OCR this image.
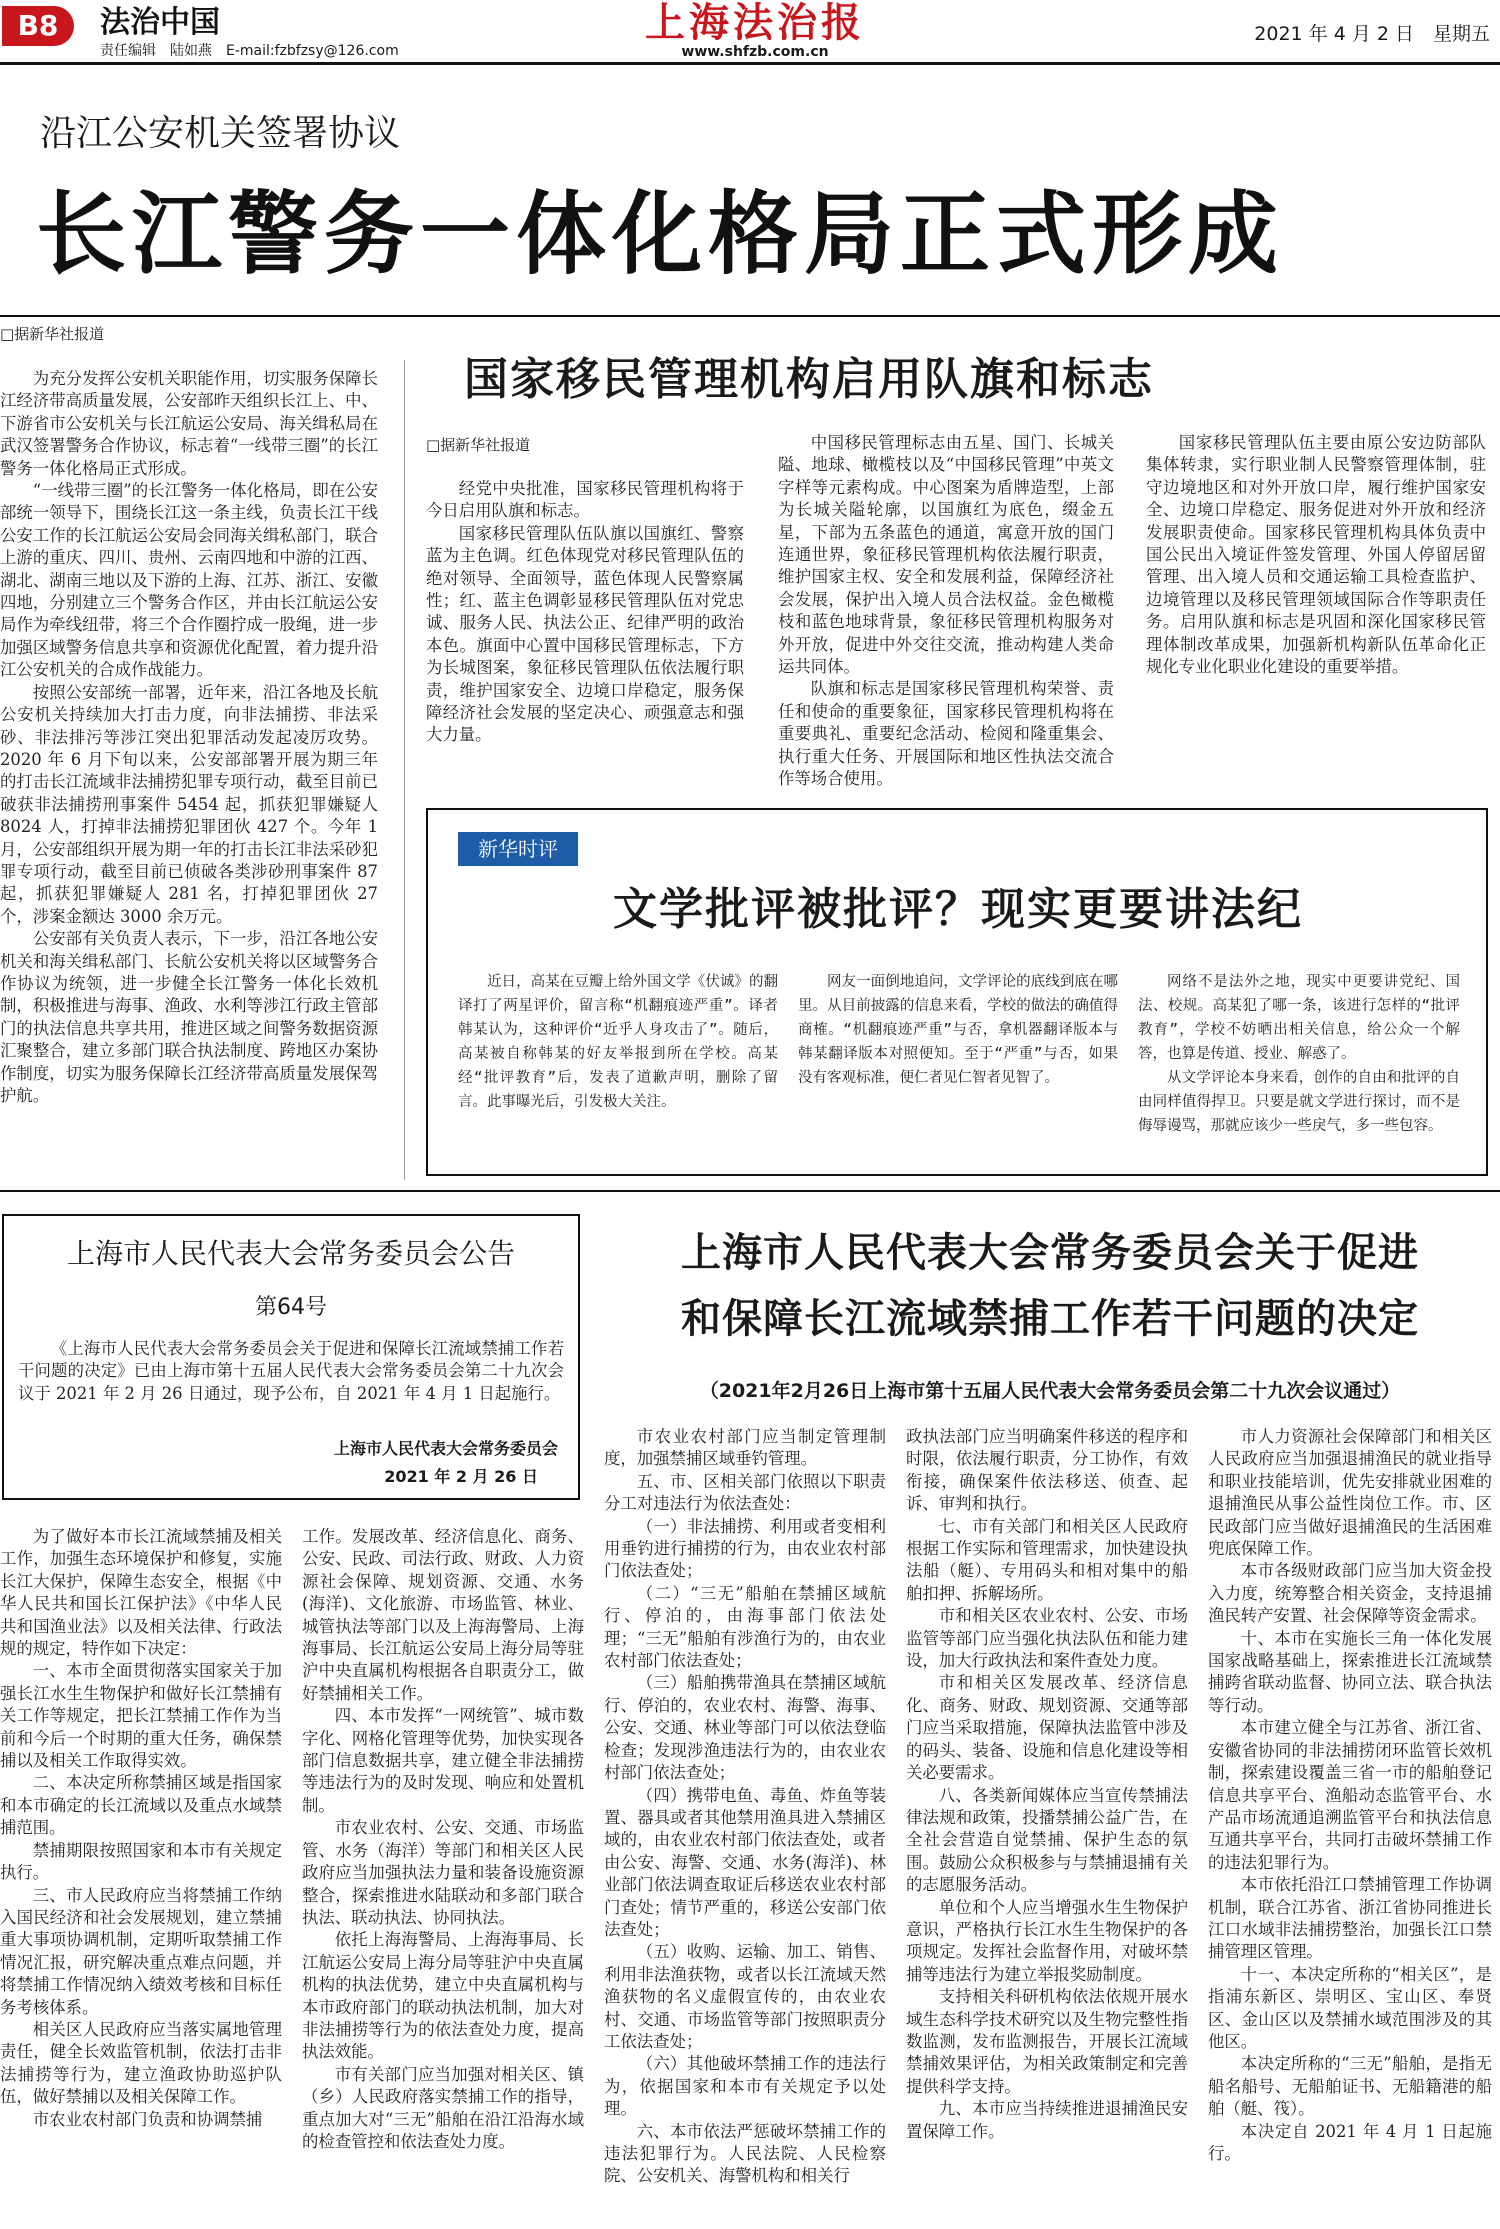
B8	法治中国
责任编辑　陆如燕　E-mail:fzbfzsy@126.com
上海法治报
www.shfzb.com.cn
2021 年 4 月 2 日　星期五
沿江公安机关签署协议
长江警务一体化格局正式形成
□据新华社报道

为充分发挥公安机关职能作用，切实服务保障长江经济带高质量发展，公安部昨天组织长江上、中、下游省市公安机关与长江航运公安局、海关缉私局在武汉签署警务合作协议，标志着“一线带三圈”的长江警务一体化格局正式形成。

“一线带三圈”的长江警务一体化格局，即在公安部统一领导下，围绕长江这一条主线，负责长江干线公安工作的长江航运公安局会同海关缉私部门，联合上游的重庆、四川、贵州、云南四地和中游的江西、湖北、湖南三地以及下游的上海、江苏、浙江、安徽四地，分别建立三个警务合作区，并由长江航运公安局作为牵线纽带，将三个合作圈拧成一股绳，进一步加强区域警务信息共享和资源优化配置，着力提升沿江公安机关的合成作战能力。

按照公安部统一部署，近年来，沿江各地及长航公安机关持续加大打击力度，向非法捕捞、非法采砂、非法排污等涉江突出犯罪活动发起凌厉攻势。2020 年 6 月下旬以来，公安部部署开展为期三年的打击长江流域非法捕捞犯罪专项行动，截至目前已破获非法捕捞刑事案件 5454 起，抓获犯罪嫌疑人 8024 人，打掉非法捕捞犯罪团伙 427 个。今年 1 月，公安部组织开展为期一年的打击长江非法采砂犯罪专项行动，截至目前已侦破各类涉砂刑事案件 87 起，抓获犯罪嫌疑人 281 名，打掉犯罪团伙 27 个，涉案金额达 3000 余万元。

公安部有关负责人表示，下一步，沿江各地公安机关和海关缉私部门、长航公安机关将以区域警务合作协议为统领，进一步健全长江警务一体化长效机制，积极推进与海事、渔政、水利等涉江行政主管部门的执法信息共享共用，推进区域之间警务数据资源汇聚整合，建立多部门联合执法制度、跨地区办案协作制度，切实为服务保障长江经济带高质量发展保驾护航。

国家移民管理机构启用队旗和标志
□据新华社报道

经党中央批准，国家移民管理机构将于今日启用队旗和标志。

国家移民管理队伍队旗以国旗红、警察蓝为主色调。红色体现党对移民管理队伍的绝对领导、全面领导，蓝色体现人民警察属性；红、蓝主色调彰显移民管理队伍对党忠诚、服务人民、执法公正、纪律严明的政治本色。旗面中心置中国移民管理标志，下方为长城图案，象征移民管理队伍依法履行职责，维护国家安全、边境口岸稳定，服务保障经济社会发展的坚定决心、顽强意志和强大力量。

中国移民管理标志由五星、国门、长城关隘、地球、橄榄枝以及“中国移民管理”中英文字样等元素构成。中心图案为盾牌造型，上部为长城关隘轮廓，以国旗红为底色，缀金五星，下部为五条蓝色的通道，寓意开放的国门连通世界，象征移民管理机构依法履行职责，维护国家主权、安全和发展利益，保障经济社会发展，保护出入境人员合法权益。金色橄榄枝和蓝色地球背景，象征移民管理机构服务对外开放，促进中外交往交流，推动构建人类命运共同体。

队旗和标志是国家移民管理机构荣誉、责任和使命的重要象征，国家移民管理机构将在重要典礼、重要纪念活动、检阅和隆重集会、执行重大任务、开展国际和地区性执法交流合作等场合使用。

国家移民管理队伍主要由原公安边防部队集体转隶，实行职业制人民警察管理体制，驻守边境地区和对外开放口岸，履行维护国家安全、边境口岸稳定、服务促进对外开放和经济发展职责使命。国家移民管理机构具体负责中国公民出入境证件签发管理、外国人停留居留管理、出入境人员和交通运输工具检查监护、边境管理以及移民管理领域国际合作等职责任务。启用队旗和标志是巩固和深化国家移民管理体制改革成果，加强新机构新队伍革命化正规化专业化职业化建设的重要举措。

新华时评
文学批评被批评？现实更要讲法纪

近日，高某在豆瓣上给外国文学《伏诚》的翻译打了两星评价，留言称“机翻痕迹严重”。译者韩某认为，这种评价“近乎人身攻击了”。随后，高某被自称韩某的好友举报到所在学校。高某经“批评教育”后，发表了道歉声明，删除了留言。此事曝光后，引发极大关注。

网友一面倒地追问，文学评论的底线到底在哪里。从目前披露的信息来看，学校的做法的确值得商榷。“机翻痕迹严重”与否，拿机器翻译版本与韩某翻译版本对照便知。至于“严重”与否，如果没有客观标准，便仁者见仁智者见智了。

网络不是法外之地，现实中更要讲党纪、国法、校规。高某犯了哪一条，该进行怎样的“批评教育”，学校不妨晒出相关信息，给公众一个解答，也算是传道、授业、解惑了。

从文学评论本身来看，创作的自由和批评的自由同样值得捍卫。只要是就文学进行探讨，而不是侮辱谩骂，那就应该少一些戾气，多一些包容。

上海市人民代表大会常务委员会公告
第64号

《上海市人民代表大会常务委员会关于促进和保障长江流域禁捕工作若干问题的决定》已由上海市第十五届人民代表大会常务委员会第二十九次会议于 2021 年 2 月 26 日通过，现予公布，自 2021 年 4 月 1 日起施行。

上海市人民代表大会常务委员会
2021 年 2 月 26 日
上海市人民代表大会常务委员会关于促进
和保障长江流域禁捕工作若干问题的决定
（2021年2月26日上海市第十五届人民代表大会常务委员会第二十九次会议通过）

为了做好本市长江流域禁捕及相关工作，加强生态环境保护和修复，实施长江大保护，保障生态安全，根据《中华人民共和国长江保护法》《中华人民共和国渔业法》以及相关法律、行政法规的规定，特作如下决定：

一、本市全面贯彻落实国家关于加强长江水生生物保护和做好长江禁捕有关工作等规定，把长江禁捕工作作为当前和今后一个时期的重大任务，确保禁捕以及相关工作取得实效。

二、本决定所称禁捕区域是指国家和本市确定的长江流域以及重点水域禁捕范围。

禁捕期限按照国家和本市有关规定执行。

三、市人民政府应当将禁捕工作纳入国民经济和社会发展规划，建立禁捕重大事项协调机制，定期听取禁捕工作情况汇报，研究解决重点难点问题，并将禁捕工作情况纳入绩效考核和目标任务考核体系。

相关区人民政府应当落实属地管理责任，健全长效监管机制，依法打击非法捕捞等行为，建立渔政协助巡护队伍，做好禁捕以及相关保障工作。

市农业农村部门负责和协调禁捕

工作。发展改革、经济信息化、商务、公安、民政、司法行政、财政、人力资源社会保障、规划资源、交通、水务(海洋)、文化旅游、市场监管、林业、城管执法等部门以及上海海警局、上海海事局、长江航运公安局上海分局等驻沪中央直属机构根据各自职责分工，做好禁捕相关工作。

四、本市发挥“一网统管”、城市数字化、网格化管理等优势，加快实现各部门信息数据共享，建立健全非法捕捞等违法行为的及时发现、响应和处置机制。

市农业农村、公安、交通、市场监管、水务（海洋）等部门和相关区人民政府应当加强执法力量和装备设施资源整合，探索推进水陆联动和多部门联合执法、联动执法、协同执法。

依托上海海警局、上海海事局、长江航运公安局上海分局等驻沪中央直属机构的执法优势，建立中央直属机构与本市政府部门的联动执法机制，加大对非法捕捞等行为的依法查处力度，提高执法效能。

市有关部门应当加强对相关区、镇（乡）人民政府落实禁捕工作的指导，重点加大对“三无”船舶在沿江沿海水域的检查管控和依法查处力度。

市农业农村部门应当制定管理制度，加强禁捕区域垂钓管理。

五、市、区相关部门依照以下职责分工对违法行为依法查处：

（一）非法捕捞、利用或者变相利用垂钓进行捕捞的行为，由农业农村部门依法查处；

（二）“三无”船舶在禁捕区域航行、停泊的，由海事部门依法处理；“三无”船舶有涉渔行为的，由农业农村部门依法查处；

（三）船舶携带渔具在禁捕区域航行、停泊的，农业农村、海警、海事、公安、交通、林业等部门可以依法登临检查；发现涉渔违法行为的，由农业农村部门依法查处；

（四）携带电鱼、毒鱼、炸鱼等装置、器具或者其他禁用渔具进入禁捕区域的，由农业农村部门依法查处，或者由公安、海警、交通、水务(海洋)、林业部门依法调查取证后移送农业农村部门查处；情节严重的，移送公安部门依法查处；

（五）收购、运输、加工、销售、利用非法渔获物，或者以长江流域天然渔获物的名义虚假宣传的，由农业农村、交通、市场监管等部门按照职责分工依法查处；

（六）其他破坏禁捕工作的违法行为，依据国家和本市有关规定予以处理。

六、本市依法严惩破坏禁捕工作的违法犯罪行为。人民法院、人民检察院、公安机关、海警机构和相关行

政执法部门应当明确案件移送的程序和时限，依法履行职责，分工协作，有效衔接，确保案件依法移送、侦查、起诉、审判和执行。

七、市有关部门和相关区人民政府根据工作实际和管理需求，加快建设执法船（艇）、专用码头和相对集中的船舶扣押、拆解场所。

市和相关区农业农村、公安、市场监管等部门应当强化执法队伍和能力建设，加大行政执法和案件查处力度。

市和相关区发展改革、经济信息化、商务、财政、规划资源、交通等部门应当采取措施，保障执法监管中涉及的码头、装备、设施和信息化建设等相关必要需求。

八、各类新闻媒体应当宣传禁捕法律法规和政策，投播禁捕公益广告，在全社会营造自觉禁捕、保护生态的氛围。鼓励公众积极参与与禁捕退捕有关的志愿服务活动。

单位和个人应当增强水生生物保护意识，严格执行长江水生生物保护的各项规定。发挥社会监督作用，对破坏禁捕等违法行为建立举报奖励制度。

支持相关科研机构依法依规开展水域生态科学技术研究以及生物完整性指数监测，发布监测报告，开展长江流域禁捕效果评估，为相关政策制定和完善提供科学支持。

九、本市应当持续推进退捕渔民安置保障工作。

市人力资源社会保障部门和相关区人民政府应当加强退捕渔民的就业指导和职业技能培训，优先安排就业困难的退捕渔民从事公益性岗位工作。市、区民政部门应当做好退捕渔民的生活困难兜底保障工作。

本市各级财政部门应当加大资金投入力度，统筹整合相关资金，支持退捕渔民转产安置、社会保障等资金需求。

十、本市在实施长三角一体化发展国家战略基础上，探索推进长江流域禁捕跨省联动监督、协同立法、联合执法等行动。

本市建立健全与江苏省、浙江省、安徽省协同的非法捕捞闭环监管长效机制，探索建设覆盖三省一市的船舶登记信息共享平台、渔船动态监管平台、水产品市场流通追溯监管平台和执法信息互通共享平台，共同打击破坏禁捕工作的违法犯罪行为。

本市依托沿江口禁捕管理工作协调机制，联合江苏省、浙江省协同推进长江口水域非法捕捞整治，加强长江口禁捕管理区管理。

十一、本决定所称的“相关区”，是指浦东新区、崇明区、宝山区、奉贤区、金山区以及禁捕水域范围涉及的其他区。

本决定所称的“三无”船舶，是指无船名船号、无船舶证书、无船籍港的船舶（艇、筏）。

本决定自 2021 年 4 月 1 日起施行。
